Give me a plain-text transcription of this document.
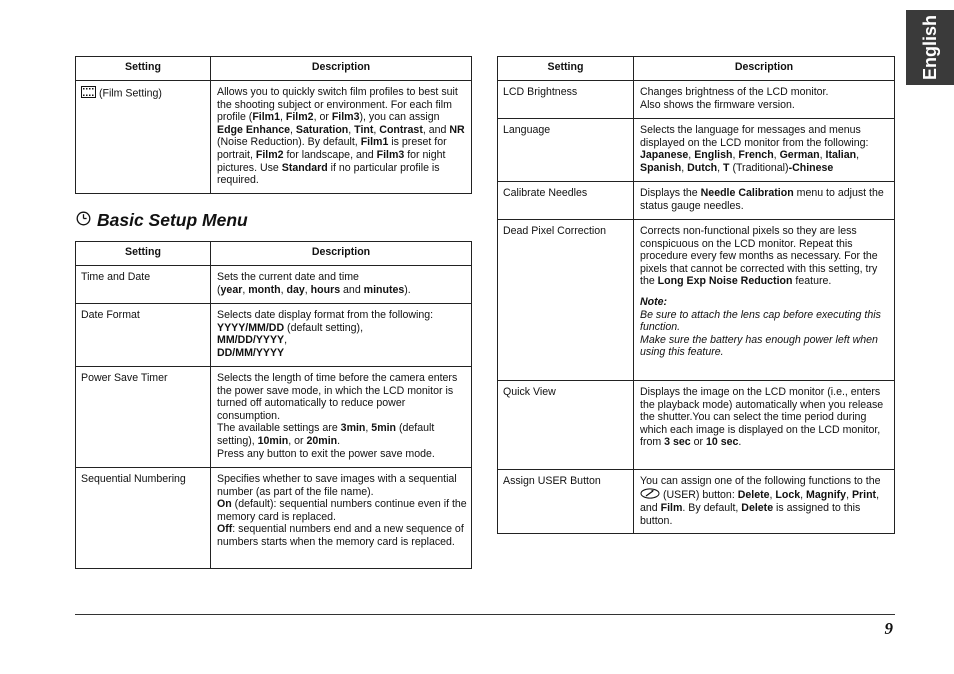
English
Setting	Description
(Film Setting)	Allows you to quickly switch film profiles to best suit the shooting subject or environment. For each film profile (Film1, Film2, or Film3), you can assign Edge Enhance, Saturation, Tint, Contrast, and NR (Noise Reduction). By default, Film1 is preset for portrait, Film2 for landscape, and Film3 for night pictures. Use Standard if no particular profile is required.
Basic Setup Menu
Setting	Description
Time and Date	Sets the current date and time
(year, month, day, hours and minutes).
Date Format	Selects date display format from the following:
YYYY/MM/DD (default setting),
MM/DD/YYYY,
DD/MM/YYYY
Power Save Timer	Selects the length of time before the camera enters the power save mode, in which the LCD monitor is turned off automatically to reduce power consumption.
The available settings are 3min, 5min (default setting), 10min, or 20min.
Press any button to exit the power save mode.
Sequential Numbering	Specifies whether to save images with a sequential number (as part of the file name).
On (default): sequential numbers continue even if the memory card is replaced.
Off: sequential numbers end and a new sequence of numbers starts when the memory card is replaced.
Setting	Description
LCD Brightness	Changes brightness of the LCD monitor.
Also shows the firmware version.
Language	Selects the language for messages and menus displayed on the LCD monitor from the following: Japanese, English, French, German, Italian, Spanish, Dutch, T (Traditional)-Chinese
Calibrate Needles	Displays the Needle Calibration menu to adjust the status gauge needles.
Dead Pixel Correction	Corrects non-functional pixels so they are less conspicuous on the LCD monitor. Repeat this procedure every few months as necessary. For the pixels that cannot be corrected with this setting, try the Long Exp Noise Reduction feature.
Note:
Be sure to attach the lens cap before executing this function.
Make sure the battery has enough power left when using this feature.

Quick View	Displays the image on the LCD monitor (i.e., enters the playback mode) automatically when you release the shutter.You can select the time period during which each image is displayed on the LCD monitor, from 3 sec or 10 sec.
Assign USER Button	You can assign one of the following functions to the  (USER) button: Delete, Lock, Magnify, Print, and Film. By default, Delete is assigned to this button.
9
